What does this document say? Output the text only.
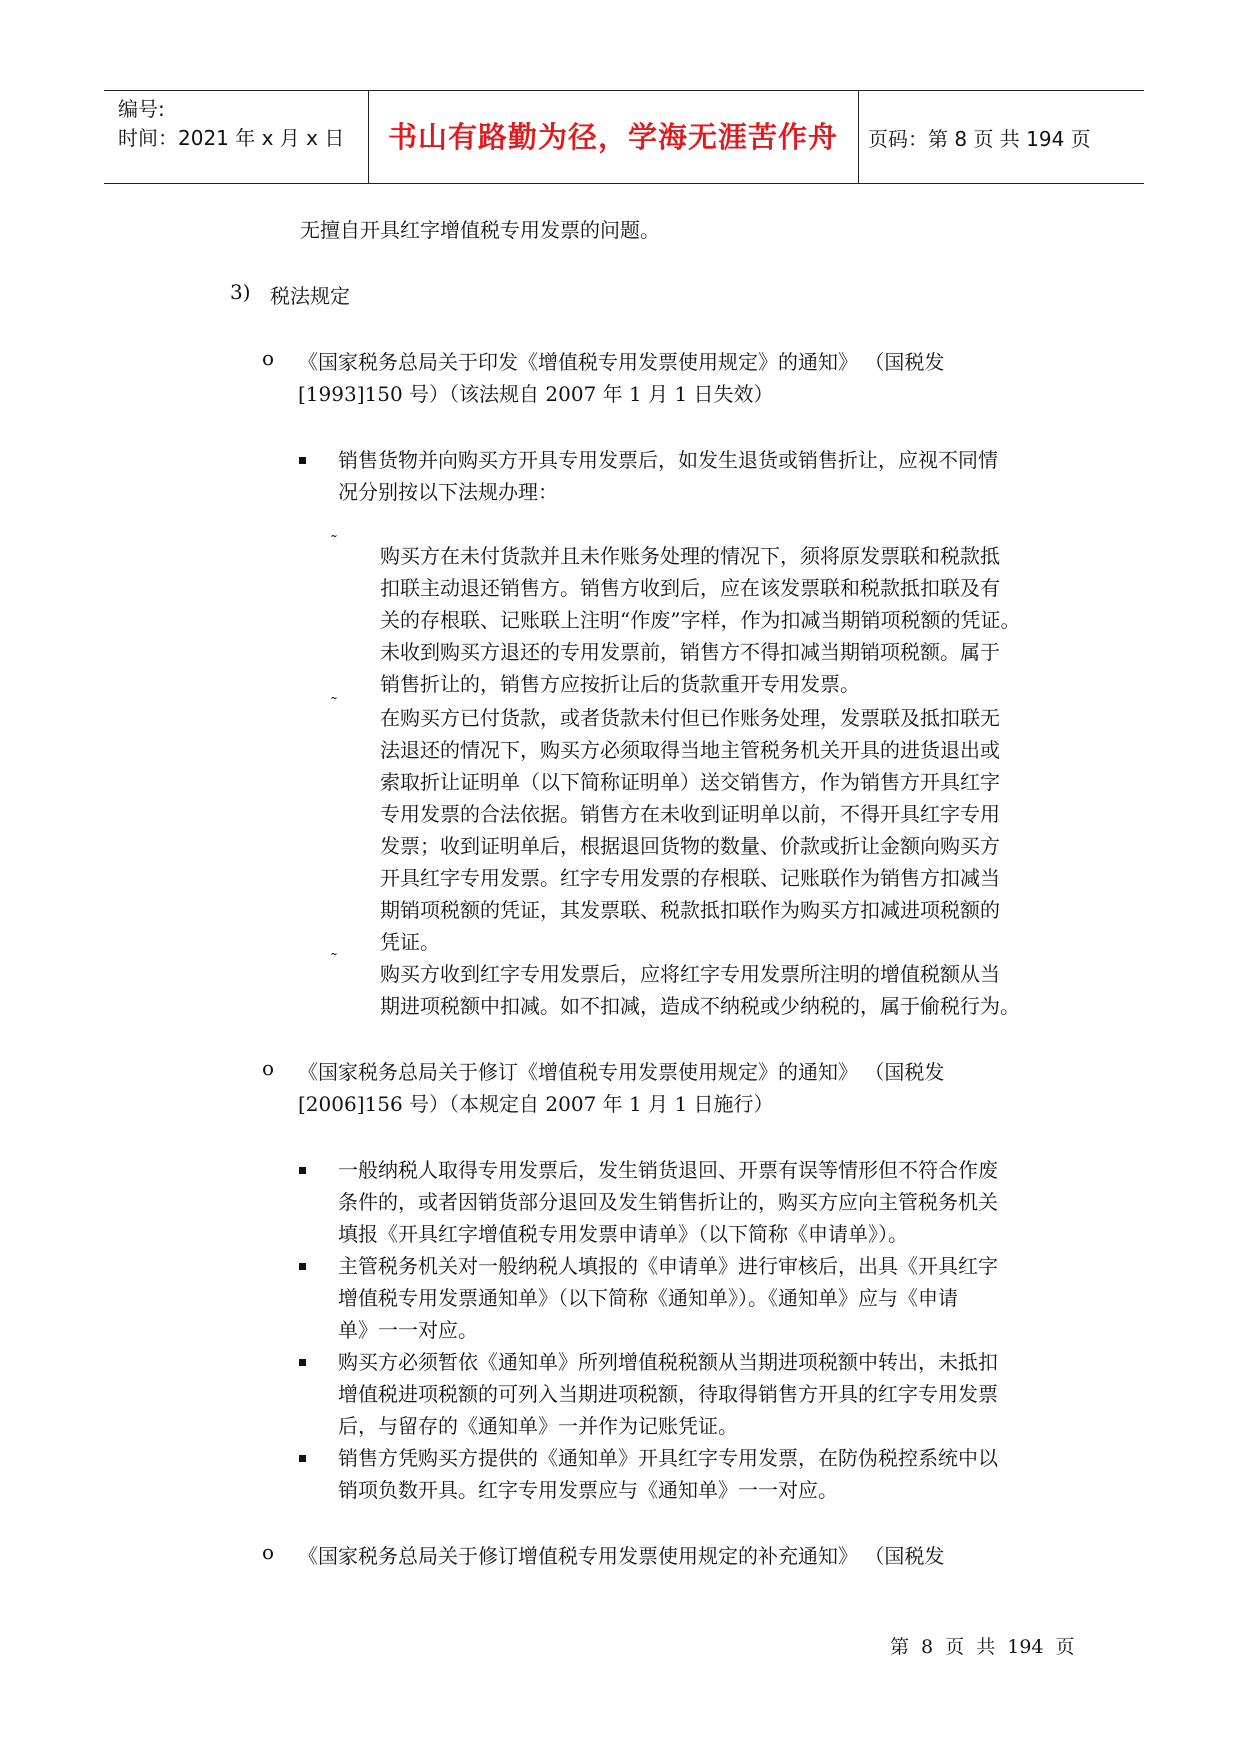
编号:
时间：2021 年 x 月 x 日	书山有路勤为径，学海无涯苦作舟	页码：第 8 页 共 194 页
无擅自开具红字增值税专用发票的问题。
3) 税法规定
o 《国家税务总局关于印发《增值税专用发票使用规定》的通知》 （国税发
[1993]150 号）（该法规自 2007 年 1 月 1 日失效）
销售货物并向购买方开具专用发票后，如发生退货或销售折让，应视不同情
况分别按以下法规办理：
˜
购买方在未付货款并且未作账务处理的情况下，须将原发票联和税款抵
扣联主动退还销售方。销售方收到后，应在该发票联和税款抵扣联及有
关的存根联、记账联上注明“作废”字样，作为扣减当期销项税额的凭证。
未收到购买方退还的专用发票前，销售方不得扣减当期销项税额。属于
销售折让的，销售方应按折让后的货款重开专用发票。
˜
在购买方已付货款，或者货款未付但已作账务处理，发票联及抵扣联无
法退还的情况下，购买方必须取得当地主管税务机关开具的进货退出或
索取折让证明单（以下简称证明单）送交销售方，作为销售方开具红字
专用发票的合法依据。销售方在未收到证明单以前，不得开具红字专用
发票；收到证明单后，根据退回货物的数量、价款或折让金额向购买方
开具红字专用发票。红字专用发票的存根联、记账联作为销售方扣减当
期销项税额的凭证，其发票联、税款抵扣联作为购买方扣减进项税额的
凭证。
˜
购买方收到红字专用发票后，应将红字专用发票所注明的增值税额从当
期进项税额中扣减。如不扣减，造成不纳税或少纳税的，属于偷税行为。
o 《国家税务总局关于修订《增值税专用发票使用规定》的通知》 （国税发
[2006]156 号）（本规定自 2007 年 1 月 1 日施行）
一般纳税人取得专用发票后，发生销货退回、开票有误等情形但不符合作废
条件的，或者因销货部分退回及发生销售折让的，购买方应向主管税务机关
填报《开具红字增值税专用发票申请单》（以下简称《申请单》）。
主管税务机关对一般纳税人填报的《申请单》进行审核后，出具《开具红字
增值税专用发票通知单》（以下简称《通知单》）。《通知单》应与《申请
单》一一对应。
购买方必须暂依《通知单》所列增值税税额从当期进项税额中转出，未抵扣
增值税进项税额的可列入当期进项税额，待取得销售方开具的红字专用发票
后，与留存的《通知单》一并作为记账凭证。
销售方凭购买方提供的《通知单》开具红字专用发票，在防伪税控系统中以
销项负数开具。红字专用发票应与《通知单》一一对应。
o 《国家税务总局关于修订增值税专用发票使用规定的补充通知》 （国税发
第 8 页 共 194 页
